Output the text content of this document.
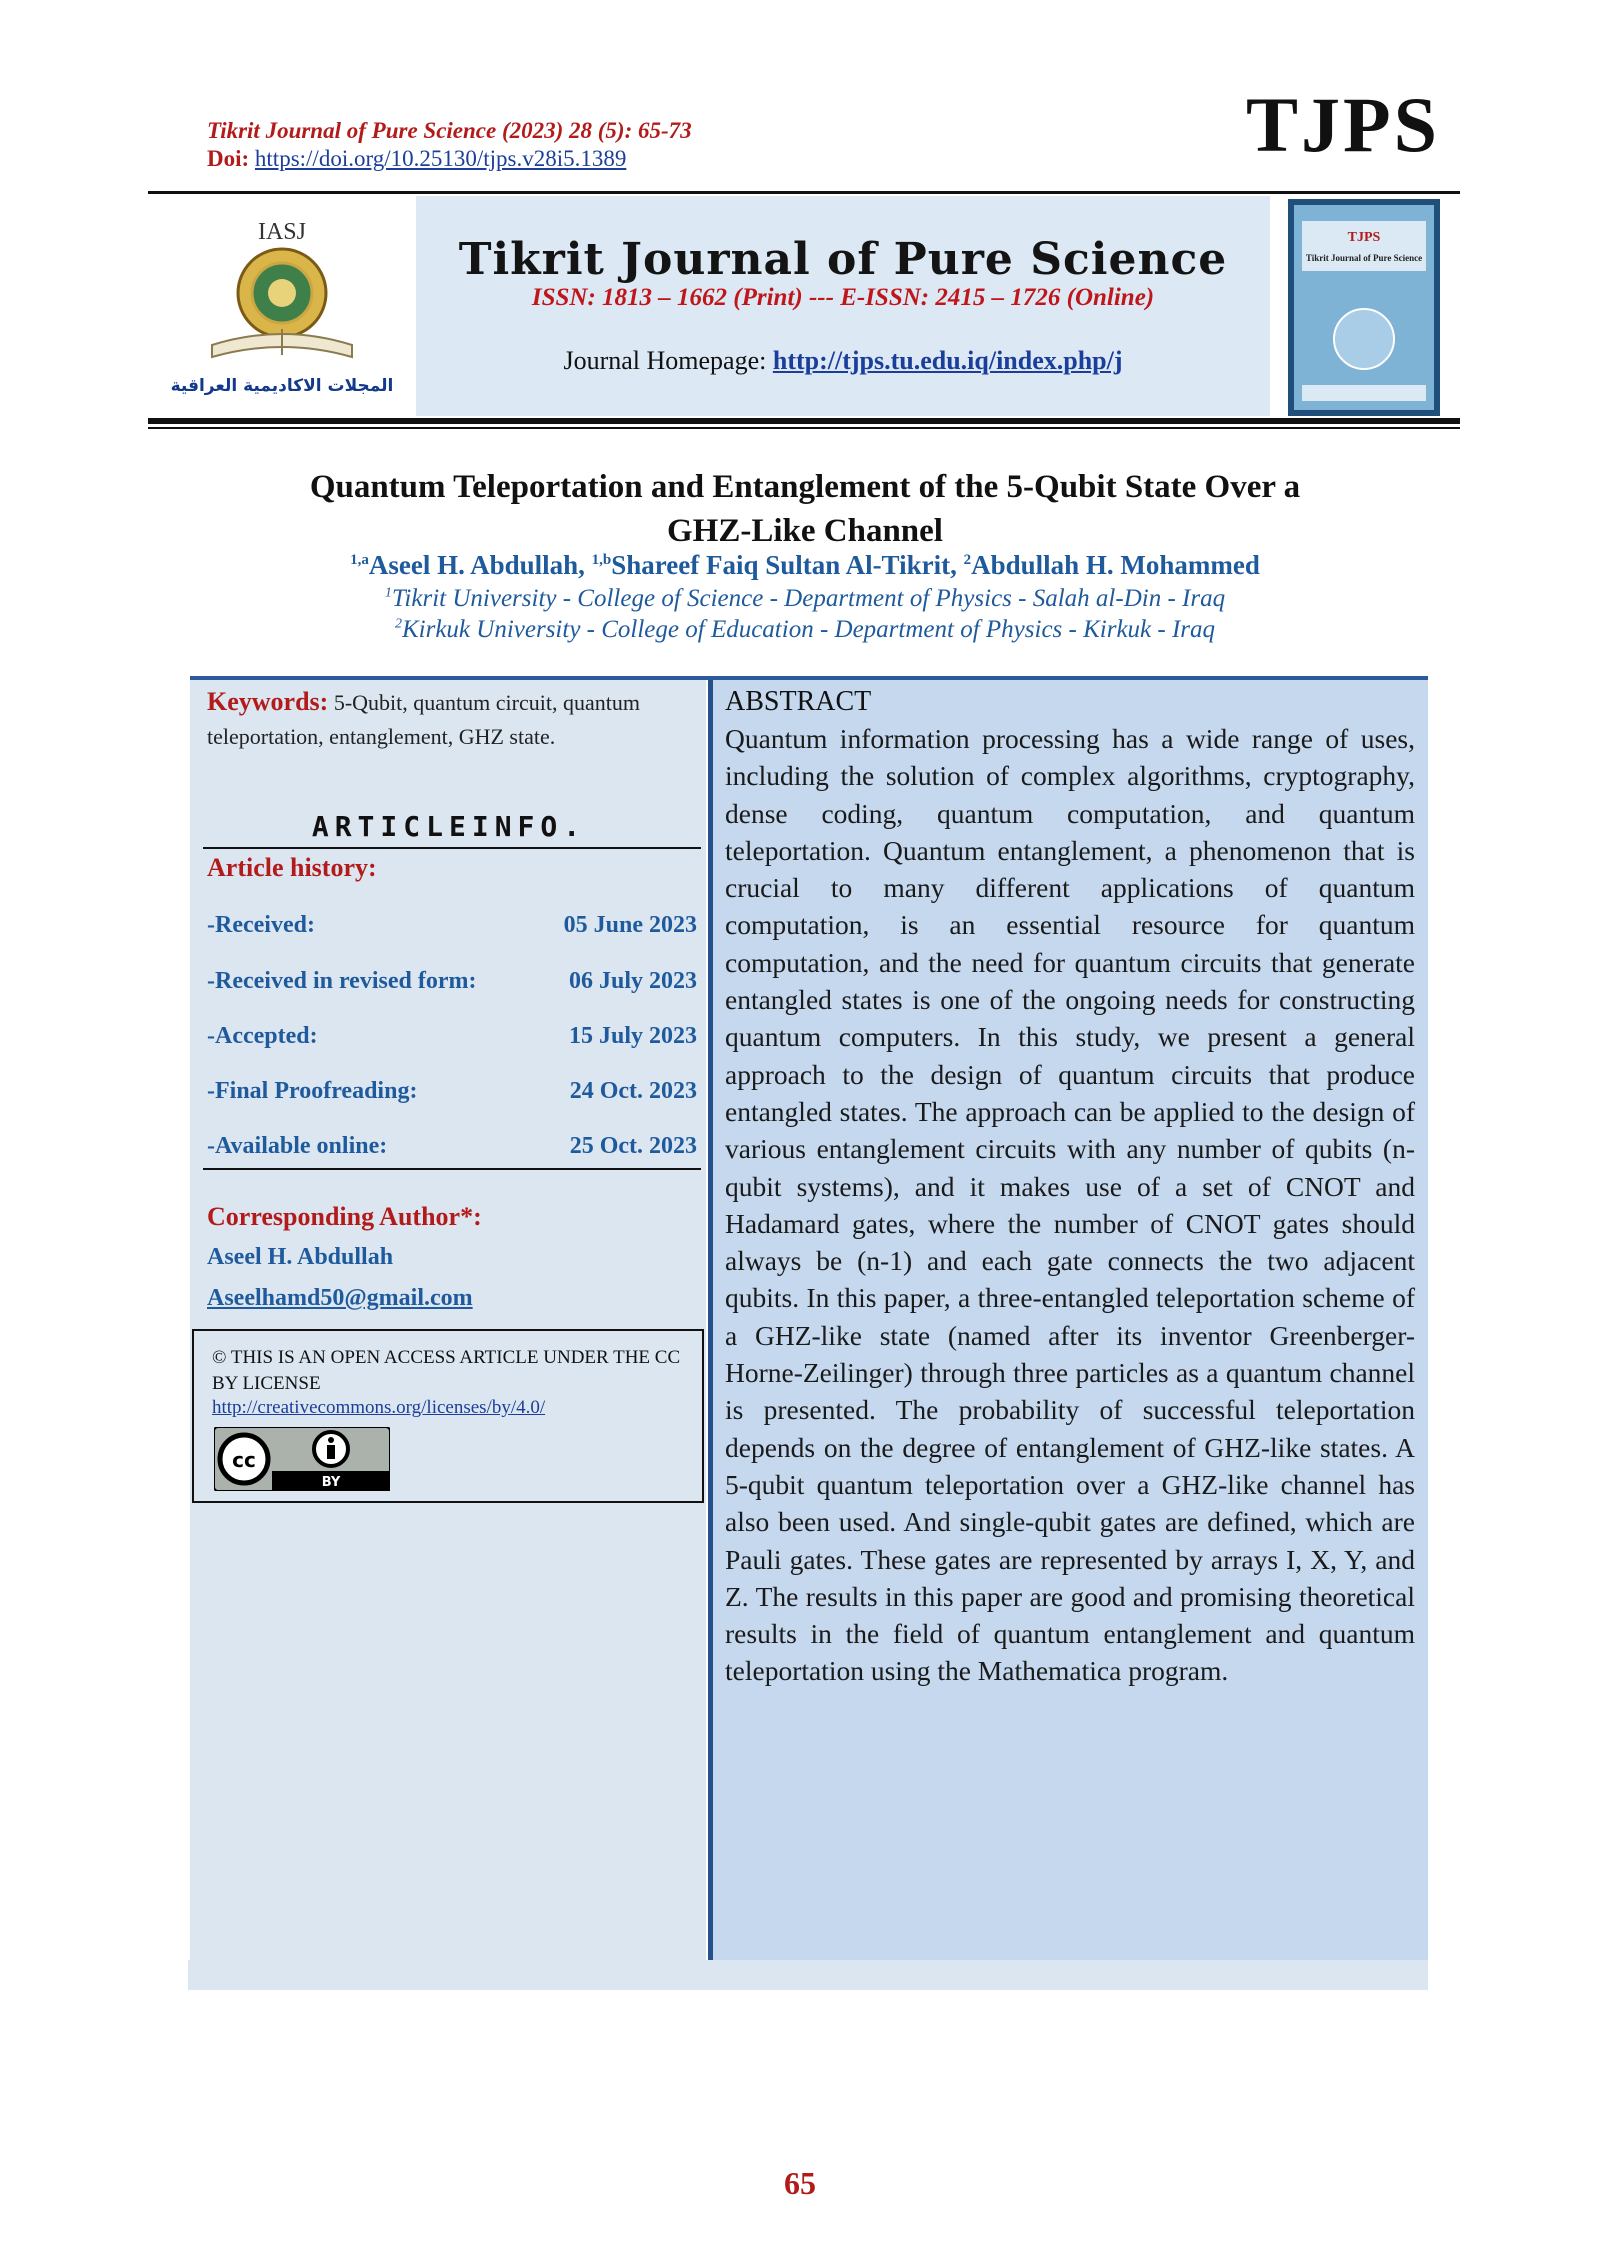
Tikrit Journal of Pure Science (2023) 28 (5): 65-73
Doi: https://doi.org/10.25130/tjps.v28i5.1389	TJPS
IASJ
المجلات الاكاديمية العراقية
Tikrit Journal of Pure Science
ISSN: 1813 – 1662 (Print) --- E-ISSN: 2415 – 1726 (Online)
Journal Homepage: http://tjps.tu.edu.iq/index.php/j
TJPS
Tikrit Journal of Pure Science
Quantum Teleportation and Entanglement of the 5-Qubit State Over a
GHZ-Like Channel
$^{1,a}$Aseel H. Abdullah, $^{1,b}$Shareef Faiq Sultan Al-Tikrit, $^2$Abdullah H. Mohammed
$^1$Tikrit University - College of Science - Department of Physics - Salah al-Din - Iraq
$^2$Kirkuk University - College of Education - Department of Physics - Kirkuk - Iraq
Keywords: 5-Qubit, quantum circuit, quantum teleportation, entanglement, GHZ state.
ARTICLEINFO.
Article history:
-Received:	05 June 2023
-Received in revised form:	06 July 2023
-Accepted:	15 July 2023
-Final Proofreading:	24 Oct. 2023
-Available online:	25 Oct. 2023
Corresponding Author*:
Aseel H. Abdullah
Aseelhamd50@gmail.com
© THIS IS AN OPEN ACCESS ARTICLE UNDER THE CC BY LICENSE
http://creativecommons.org/licenses/by/4.0/
cc
BY
ABSTRACT
Quantum information processing has a wide range of uses, including the solution of complex algorithms, cryptography, dense coding, quantum computation, and quantum teleportation. Quantum entanglement, a phenomenon that is crucial to many different applications of quantum computation, is an essential resource for quantum computation, and the need for quantum circuits that generate entangled states is one of the ongoing needs for constructing quantum computers. In this study, we present a general approach to the design of quantum circuits that produce entangled states. The approach can be applied to the design of various entanglement circuits with any number of qubits (n-qubit systems), and it makes use of a set of CNOT and Hadamard gates, where the number of CNOT gates should always be (n-1) and each gate connects the two adjacent qubits. In this paper, a three-entangled teleportation scheme of a GHZ-like state (named after its inventor Greenberger-Horne-Zeilinger) through three particles as a quantum channel is presented. The probability of successful teleportation depends on the degree of entanglement of GHZ-like states. A 5-qubit quantum teleportation over a GHZ-like channel has also been used. And single-qubit gates are defined, which are Pauli gates. These gates are represented by arrays I, X, Y, and Z. The results in this paper are good and promising theoretical results in the field of quantum entanglement and quantum teleportation using the Mathematica program.
65
